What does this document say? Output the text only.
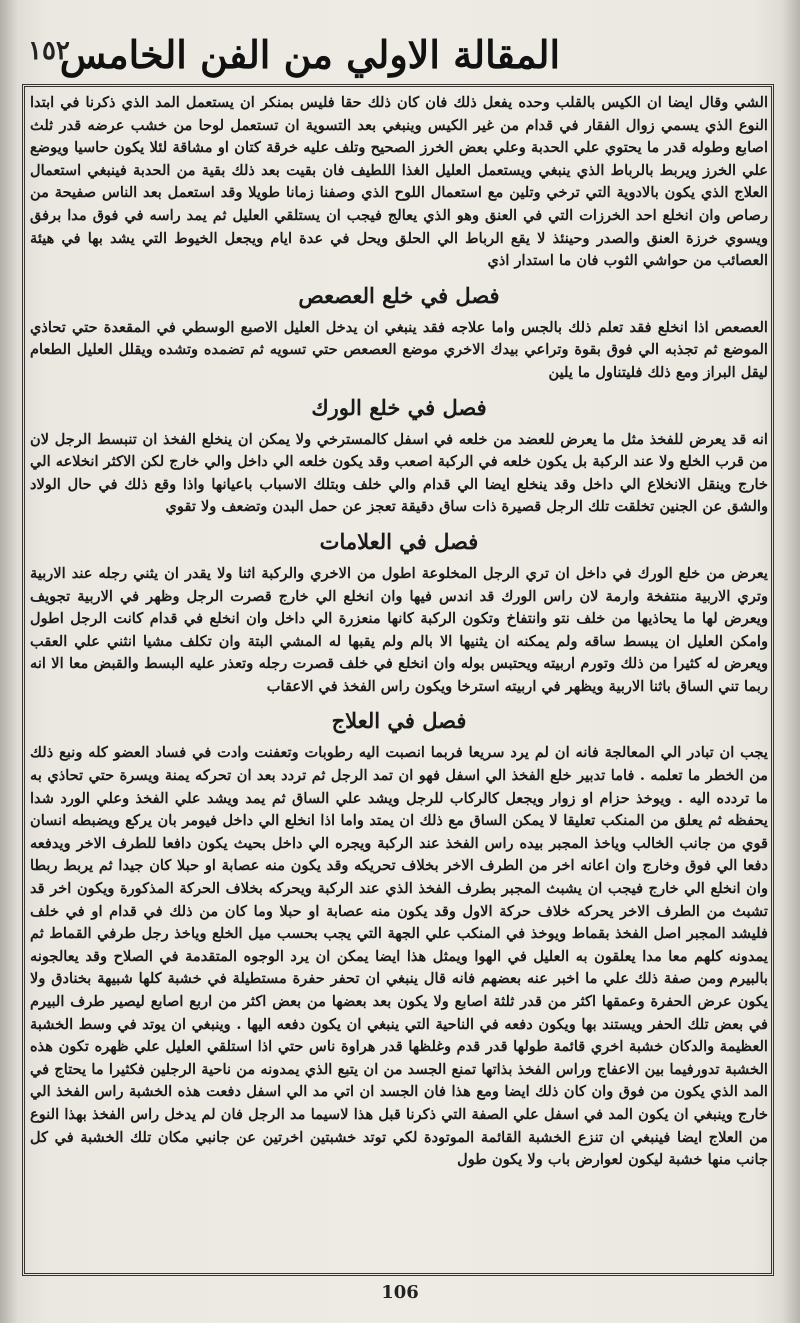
المقالة الاولي من الفن الخامس
١٥٢

الشي وقال ايضا ان الكيس بالقلب وحده يفعل ذلك فان كان ذلك حقا فليس بمنكر ان يستعمل المد الذي ذكرنا في ابتدا النوع الذي يسمي زوال الفقار في قدام من غير الكيس وينبغي بعد التسوية ان تستعمل لوحا من خشب عرضه قدر ثلث اصابع وطوله قدر ما يحتوي علي الحدبة وعلي بعض الخرز الصحيح وتلف عليه خرقة كتان او مشاقة لئلا يكون حاسيا ويوضع علي الخرز ويربط بالرباط الذي ينبغي ويستعمل العليل الغذا اللطيف فان بقيت بعد ذلك بقية من الحدبة فينبغي استعمال العلاج الذي يكون بالادوية التي ترخي وتلين مع استعمال اللوح الذي وصفنا زمانا طويلا وقد استعمل بعد الناس صفيحة من رصاص وان انخلع احد الخرزات التي في العنق وهو الذي يعالج فيجب ان يستلقي العليل ثم يمد راسه في فوق مدا برفق ويسوي خرزة العنق والصدر وحينئذ لا يقع الرباط الي الحلق ويحل في عدة ايام ويجعل الخيوط التي يشد بها في هيئة العصائب من حواشي الثوب فان ما استدار اذي

فصل في خلع العصعص

العصعص اذا انخلع فقد تعلم ذلك بالجس واما علاجه فقد ينبغي ان يدخل العليل الاصبع الوسطي في المقعدة حتي تحاذي الموضع ثم تجذبه الي فوق بقوة وتراعي بيدك الاخري موضع العصعص حتي تسويه ثم تضمده وتشده ويقلل العليل الطعام ليقل البراز ومع ذلك فليتناول ما يلين

فصل في خلع الورك

انه قد يعرض للفخذ مثل ما يعرض للعضد من خلعه في اسفل كالمسترخي ولا يمكن ان ينخلع الفخذ ان تنبسط الرجل لان من قرب الخلع ولا عند الركبة بل يكون خلعه في الركبة اصعب وقد يكون خلعه الي داخل والي خارج لكن الاكثر انخلاعه الي خارج وينقل الانخلاع الي داخل وقد ينخلع ايضا الي قدام والي خلف وبتلك الاسباب باعيانها واذا وقع ذلك في حال الولاد والشق عن الجنين تخلقت تلك الرجل قصيرة ذات ساق دقيقة تعجز عن حمل البدن وتضعف ولا تقوي

فصل في العلامات

يعرض من خلع الورك في داخل ان تري الرجل المخلوعة اطول من الاخري والركبة اثنا ولا يقدر ان يثني رجله عند الاربية وتري الاربية منتفخة وارمة لان راس الورك قد اندس فيها وان انخلع الي خارج قصرت الرجل وظهر في الاربية تجويف ويعرض لها ما يحاذيها من خلف نتو وانتفاخ وتكون الركبة كانها منعزرة الي داخل وان انخلع في قدام كانت الرجل اطول وامكن العليل ان يبسط ساقه ولم يمكنه ان يثنيها الا بالم ولم يقبها له المشي البتة وان تكلف مشيا انثني علي العقب ويعرض له كثيرا من ذلك وتورم اربيته ويحتبس بوله وان انخلع في خلف قصرت رجله وتعذر عليه البسط والقبض معا الا انه ربما تني الساق باثنا الاربية ويظهر في اربيته استرخا ويكون راس الفخذ في الاعقاب

فصل في العلاج

يجب ان تبادر الي المعالجة فانه ان لم يرد سريعا فربما انصبت اليه رطوبات وتعفنت وادت في فساد العضو كله ونبع ذلك من الخطر ما تعلمه . فاما تدبير خلع الفخذ الي اسفل فهو ان تمد الرجل ثم تردد بعد ان تحركه يمنة ويسرة حتي تحاذي به ما تردده اليه . ويوخذ حزام او زوار ويجعل كالركاب للرجل ويشد علي الساق ثم يمد ويشد علي الفخذ وعلي الورد شدا يحفظه ثم يعلق من المنكب تعليقا لا يمكن الساق مع ذلك ان يمتد واما اذا انخلع الي داخل فيومر بان يركع ويضبطه انسان قوي من جانب الخالب وياخذ المجبر بيده راس الفخذ عند الركبة ويجره الي داخل بحيث يكون دافعا للطرف الاخر ويدفعه دفعا الي فوق وخارج وان اعانه اخر من الطرف الاخر بخلاف تحريكه وقد يكون منه عصابة او حبلا كان جيدا ثم يربط ربطا وان انخلع الي خارج فيجب ان يشبث المجبر بطرف الفخذ الذي عند الركبة ويحركه بخلاف الحركة المذكورة ويكون اخر قد تشبث من الطرف الاخر يحركه خلاف حركة الاول وقد يكون منه عصابة او حبلا وما كان من ذلك في قدام او في خلف فليشد المجبر اصل الفخذ بقماط ويوخذ في المنكب علي الجهة التي يجب بحسب ميل الخلع وياخذ رجل طرفي القماط ثم يمدونه كلهم معا مدا يعلقون به العليل في الهوا ويمثل هذا ايضا يمكن ان يرد الوجوه المتقدمة في الصلاح وقد يعالجونه بالبيرم ومن صفة ذلك علي ما اخبر عنه بعضهم فانه قال ينبغي ان تحفر حفرة مستطيلة في خشبة كلها شبيهة بخنادق ولا يكون عرض الحفرة وعمقها اكثر من قدر ثلثة اصابع ولا يكون بعد بعضها من بعض اكثر من اربع اصابع ليصير طرف البيرم في بعض تلك الحفر ويستند بها ويكون دفعه في الناحية التي ينبغي ان يكون دفعه اليها . وينبغي ان يوتد في وسط الخشبة العظيمة والدكان خشبة اخري قائمة طولها قدر قدم وغلظها قدر هراوة ناس حتي اذا استلقي العليل علي ظهره تكون هذه الخشبة تدورفيما بين الاعفاج وراس الفخذ بذاتها تمنع الجسد من ان يتبع الذي يمدونه من ناحية الرجلين فكثيرا ما يحتاج في المد الذي يكون من فوق وان كان ذلك ايضا ومع هذا فان الجسد ان اتي مد الي اسفل دفعت هذه الخشبة راس الفخذ الي خارج وينبغي ان يكون المد في اسفل علي الصفة التي ذكرنا قبل هذا لاسيما مد الرجل فان لم يدخل راس الفخذ بهذا النوع من العلاج ايضا فينبغي ان تنزع الخشبة القائمة الموتودة لكي توتد خشبتين اخرتين عن جانبي مكان تلك الخشبة في كل جانب منها خشبة ليكون لعوارض باب ولا يكون طول

106
